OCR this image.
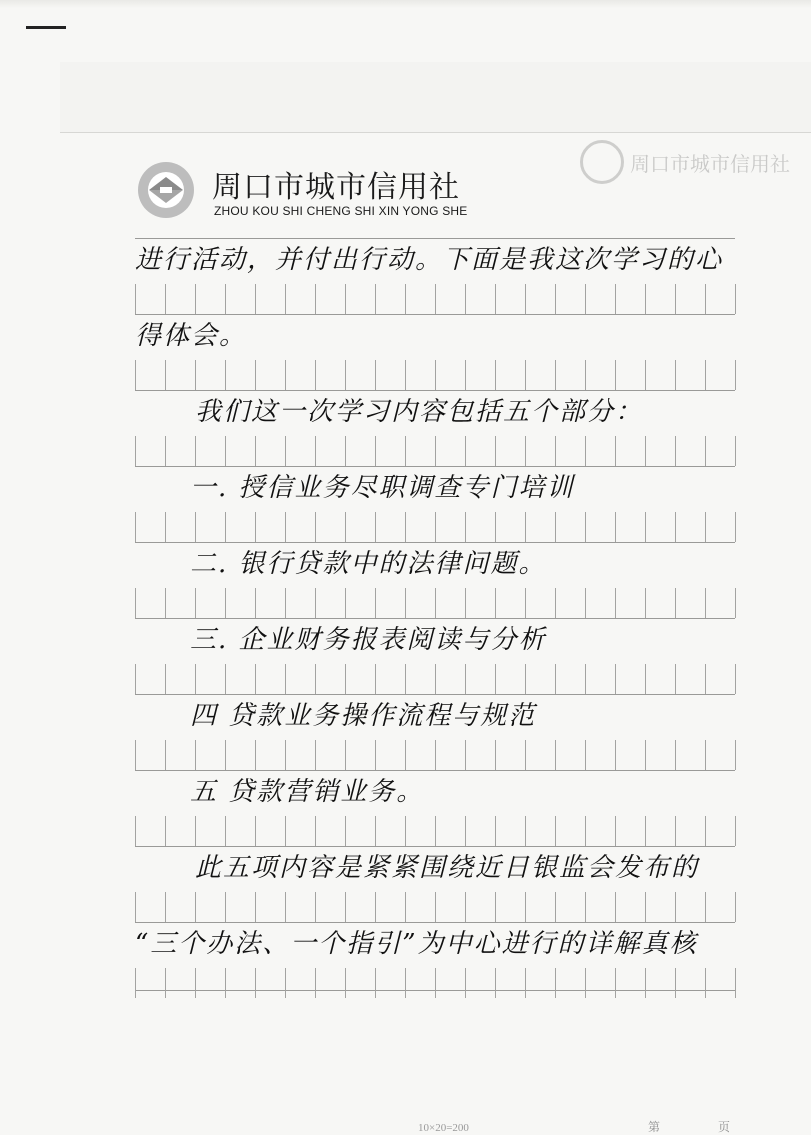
周口市城市信用社
周口市城市信用社
ZHOU KOU SHI CHENG SHI XIN YONG SHE
进行活动，并付出行动。下面是我这次学习的心
得体会。
我们这一次学习内容包括五个部分：
一. 授信业务尽职调查专门培训
二. 银行贷款中的法律问题。
三. 企业财务报表阅读与分析
四 贷款业务操作流程与规范
五 贷款营销业务。
此五项内容是紧紧围绕近日银监会发布的
“三个办法、一个指引”为中心进行的详解真核
10×20=200	第	页
